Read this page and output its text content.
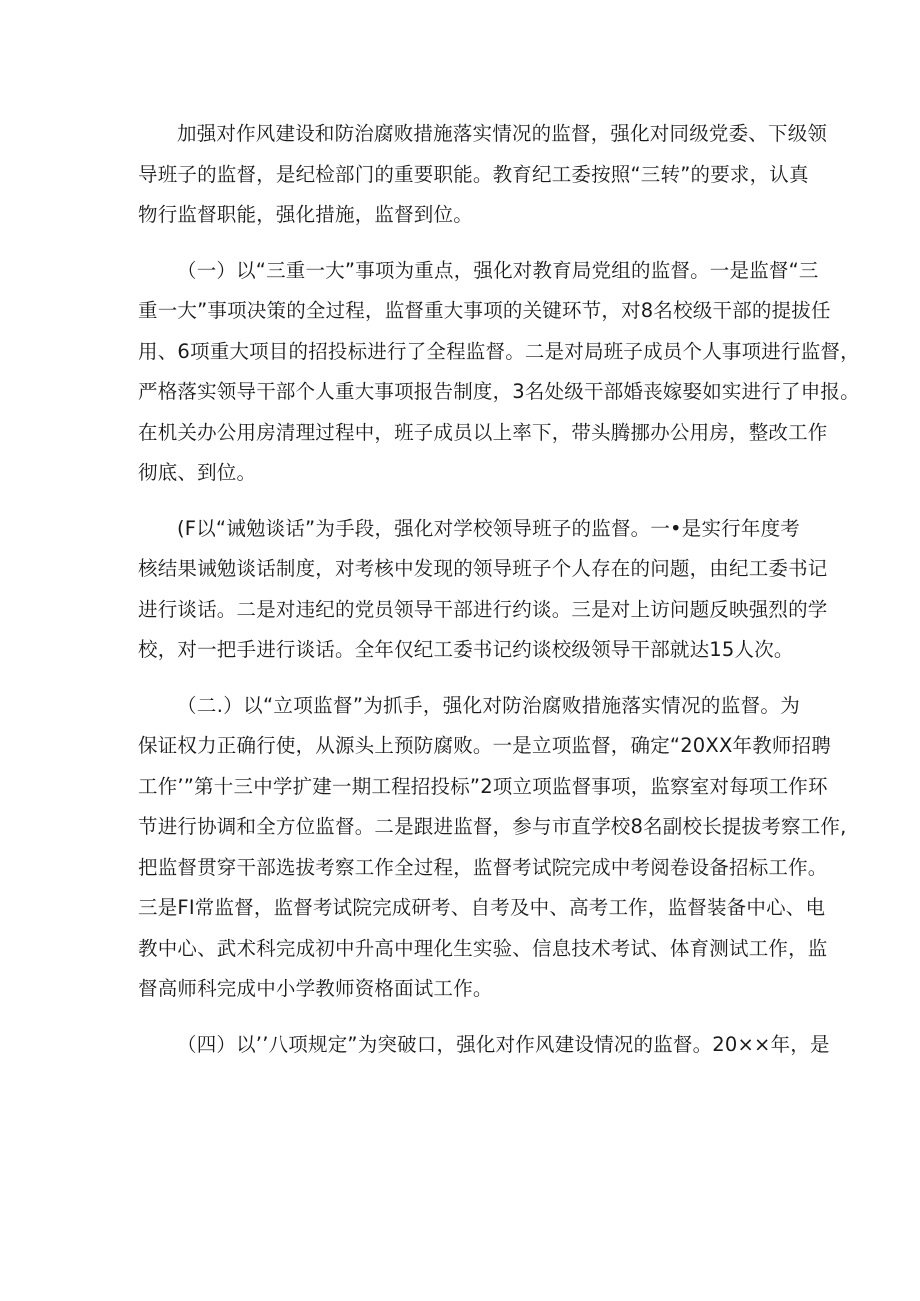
加强对作风建设和防治腐败措施落实情况的监督，强化对同级党委、下级领
导班子的监督，是纪检部门的重要职能。教育纪工委按照“三转”的要求，认真
物行监督职能，强化措施，监督到位。
（一）以“三重一大”事项为重点，强化对教育局党组的监督。一是监督“三
重一大”事项决策的全过程，监督重大事项的关键环节，对8名校级干部的提拔任
用、6项重大项目的招投标进行了全程监督。二是对局班子成员个人事项进行监督，
严格落实领导干部个人重大事项报告制度，3名处级干部婚丧嫁娶如实进行了申报。
在机关办公用房清理过程中，班子成员以上率下，带头腾挪办公用房，整改工作
彻底、到位。
(F以“诫勉谈话”为手段，强化对学校领导班子的监督。一•是实行年度考
核结果诫勉谈话制度，对考核中发现的领导班子个人存在的问题，由纪工委书记
进行谈话。二是对违纪的党员领导干部进行约谈。三是对上访问题反映强烈的学
校，对一把手进行谈话。全年仅纪工委书记约谈校级领导干部就达15人次。
（二.）以“立项监督”为抓手，强化对防治腐败措施落实情况的监督。为
保证权力正确行使，从源头上预防腐败。一是立项监督，确定“20XX年教师招聘
工作’”第十三中学扩建一期工程招投标”2项立项监督事项，监察室对每项工作环
节进行协调和全方位监督。二是跟进监督，参与市直学校8名副校长提拔考察工作,
把监督贯穿干部选拔考察工作全过程，监督考试院完成中考阅卷设备招标工作。
三是FI常监督，监督考试院完成研考、自考及中、高考工作，监督装备中心、电
教中心、武术科完成初中升高中理化生实验、信息技术考试、体育测试工作，监
督高师科完成中小学教师资格面试工作。
（四）以’’八项规定”为突破口，强化对作风建设情况的监督。20××年，是
